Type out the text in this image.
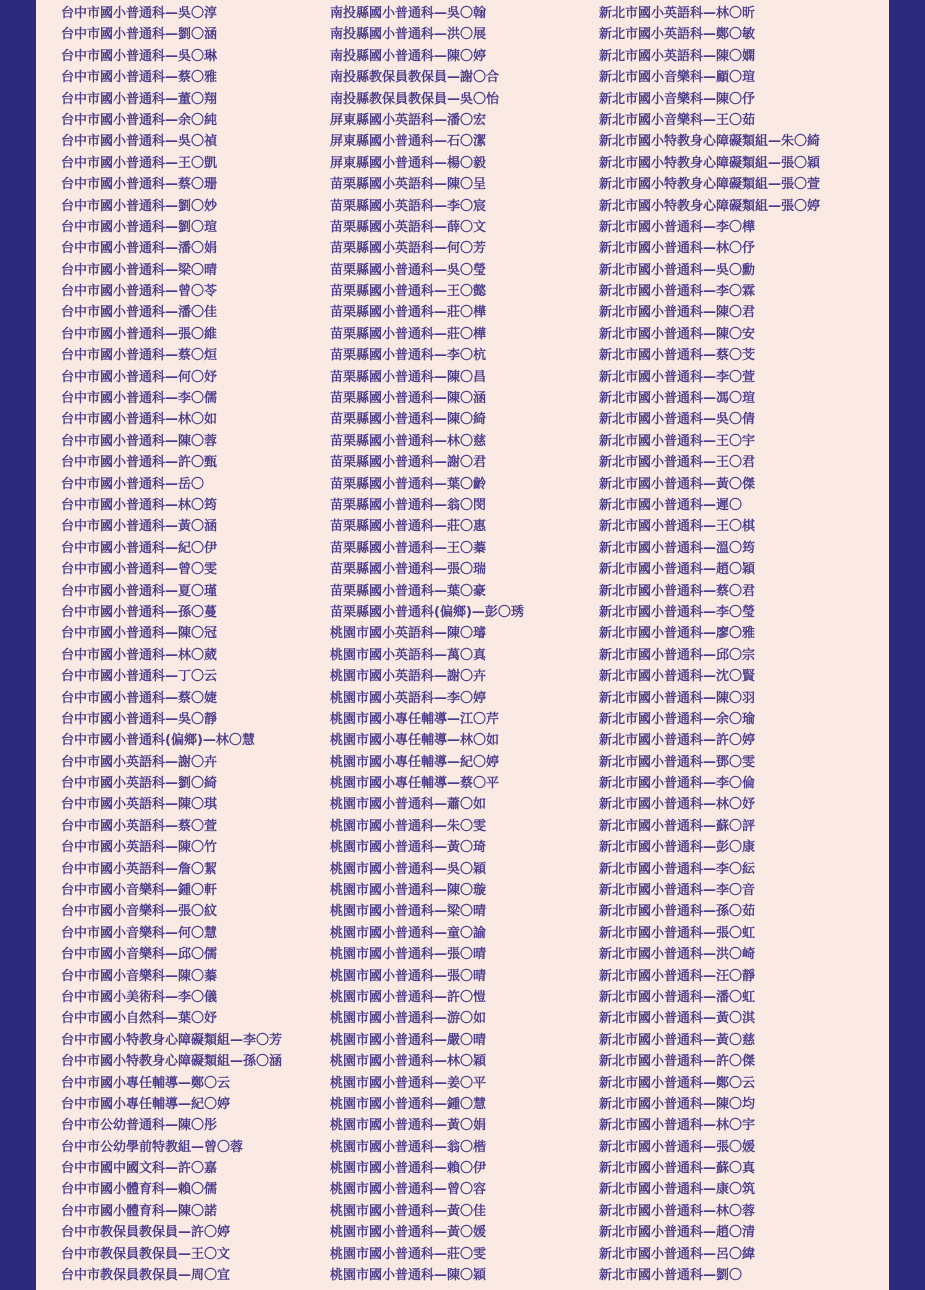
台中市國小普通科—吳〇淳
台中市國小普通科—劉〇涵
台中市國小普通科—吳〇琳
台中市國小普通科—蔡〇雅
台中市國小普通科—董〇翔
台中市國小普通科—余〇純
台中市國小普通科—吳〇禎
台中市國小普通科—王〇凱
台中市國小普通科—蔡〇珊
台中市國小普通科—劉〇妙
台中市國小普通科—劉〇瑄
台中市國小普通科—潘〇娟
台中市國小普通科—梁〇晴
台中市國小普通科—曾〇苓
台中市國小普通科—潘〇佳
台中市國小普通科—張〇維
台中市國小普通科—蔡〇烜
台中市國小普通科—何〇妤
台中市國小普通科—李〇儒
台中市國小普通科—林〇如
台中市國小普通科—陳〇蓉
台中市國小普通科—許〇甄
台中市國小普通科—岳〇
台中市國小普通科—林〇筠
台中市國小普通科—黃〇涵
台中市國小普通科—紀〇伊
台中市國小普通科—曾〇雯
台中市國小普通科—夏〇瑾
台中市國小普通科—孫〇蔓
台中市國小普通科—陳〇冠
台中市國小普通科—林〇葳
台中市國小普通科—丁〇云
台中市國小普通科—蔡〇婕
台中市國小普通科—吳〇靜
台中市國小普通科(偏鄉)—林〇慧
台中市國小英語科—謝〇卉
台中市國小英語科—劉〇綺
台中市國小英語科—陳〇琪
台中市國小英語科—蔡〇萱
台中市國小英語科—陳〇竹
台中市國小英語科—詹〇絜
台中市國小音樂科—鍾〇軒
台中市國小音樂科—張〇紋
台中市國小音樂科—何〇慧
台中市國小音樂科—邱〇儒
台中市國小音樂科—陳〇蓁
台中市國小美術科—李〇儀
台中市國小自然科—葉〇妤
台中市國小特教身心障礙類組—李〇芳
台中市國小特教身心障礙類組—孫〇涵
台中市國小專任輔導—鄭〇云
台中市國小專任輔導—紀〇婷
台中市公幼普通科—陳〇彤
台中市公幼學前特教組—曾〇蓉
台中市國中國文科—許〇嘉
台中市國小體育科—賴〇儒
台中市國小體育科—陳〇諾
台中市教保員教保員—許〇婷
台中市教保員教保員—王〇文
台中市教保員教保員—周〇宜
南投縣國小普通科—吳〇翰
南投縣國小普通科—洪〇展
南投縣國小普通科—陳〇婷
南投縣教保員教保員—謝〇合
南投縣教保員教保員—吳〇怡
屏東縣國小英語科—潘〇宏
屏東縣國小普通科—石〇潔
屏東縣國小普通科—楊〇毅
苗栗縣國小英語科—陳〇呈
苗栗縣國小英語科—李〇宸
苗栗縣國小英語科—薛〇文
苗栗縣國小英語科—何〇芳
苗栗縣國小普通科—吳〇瑩
苗栗縣國小普通科—王〇懿
苗栗縣國小普通科—莊〇樺
苗栗縣國小普通科—莊〇樺
苗栗縣國小普通科—李〇杭
苗栗縣國小普通科—陳〇昌
苗栗縣國小普通科—陳〇涵
苗栗縣國小普通科—陳〇綺
苗栗縣國小普通科—林〇慈
苗栗縣國小普通科—謝〇君
苗栗縣國小普通科—葉〇齡
苗栗縣國小普通科—翁〇閔
苗栗縣國小普通科—莊〇惠
苗栗縣國小普通科—王〇蓁
苗栗縣國小普通科—張〇瑞
苗栗縣國小普通科—葉〇豪
苗栗縣國小普通科(偏鄉)—彭〇琇
桃園市國小英語科—陳〇璿
桃園市國小英語科—萬〇真
桃園市國小英語科—謝〇卉
桃園市國小英語科—李〇婷
桃園市國小專任輔導—江〇芹
桃園市國小專任輔導—林〇如
桃園市國小專任輔導—紀〇婷
桃園市國小專任輔導—蔡〇平
桃園市國小普通科—蕭〇如
桃園市國小普通科—朱〇雯
桃園市國小普通科—黃〇琦
桃園市國小普通科—吳〇穎
桃園市國小普通科—陳〇璇
桃園市國小普通科—梁〇晴
桃園市國小普通科—童〇諭
桃園市國小普通科—張〇晴
桃園市國小普通科—張〇晴
桃園市國小普通科—許〇愷
桃園市國小普通科—游〇如
桃園市國小普通科—嚴〇晴
桃園市國小普通科—林〇穎
桃園市國小普通科—姜〇平
桃園市國小普通科—鍾〇慧
桃園市國小普通科—黃〇娟
桃園市國小普通科—翁〇楷
桃園市國小普通科—賴〇伊
桃園市國小普通科—曾〇容
桃園市國小普通科—黃〇佳
桃園市國小普通科—黃〇媛
桃園市國小普通科—莊〇雯
桃園市國小普通科—陳〇穎
新北市國小英語科—林〇昕
新北市國小英語科—鄭〇敏
新北市國小英語科—陳〇嫻
新北市國小音樂科—顧〇瑄
新北市國小音樂科—陳〇伃
新北市國小音樂科—王〇茹
新北市國小特教身心障礙類組—朱〇綺
新北市國小特教身心障礙類組—張〇穎
新北市國小特教身心障礙類組—張〇萱
新北市國小特教身心障礙類組—張〇婷
新北市國小普通科—李〇樺
新北市國小普通科—林〇伃
新北市國小普通科—吳〇勳
新北市國小普通科—李〇霖
新北市國小普通科—陳〇君
新北市國小普通科—陳〇安
新北市國小普通科—蔡〇芠
新北市國小普通科—李〇萱
新北市國小普通科—馮〇瑄
新北市國小普通科—吳〇倩
新北市國小普通科—王〇宇
新北市國小普通科—王〇君
新北市國小普通科—黃〇傑
新北市國小普通科—遲〇
新北市國小普通科—王〇棋
新北市國小普通科—溫〇筠
新北市國小普通科—趙〇穎
新北市國小普通科—蔡〇君
新北市國小普通科—李〇瑩
新北市國小普通科—廖〇雅
新北市國小普通科—邱〇宗
新北市國小普通科—沈〇賢
新北市國小普通科—陳〇羽
新北市國小普通科—余〇瑜
新北市國小普通科—許〇婷
新北市國小普通科—鄧〇雯
新北市國小普通科—李〇倫
新北市國小普通科—林〇妤
新北市國小普通科—蘇〇評
新北市國小普通科—彭〇康
新北市國小普通科—李〇紜
新北市國小普通科—李〇音
新北市國小普通科—孫〇茹
新北市國小普通科—張〇虹
新北市國小普通科—洪〇崎
新北市國小普通科—汪〇靜
新北市國小普通科—潘〇虹
新北市國小普通科—黃〇淇
新北市國小普通科—黃〇慈
新北市國小普通科—許〇傑
新北市國小普通科—鄭〇云
新北市國小普通科—陳〇均
新北市國小普通科—林〇宇
新北市國小普通科—張〇媛
新北市國小普通科—蘇〇真
新北市國小普通科—康〇筑
新北市國小普通科—林〇蓉
新北市國小普通科—趙〇清
新北市國小普通科—呂〇緯
新北市國小普通科—劉〇
